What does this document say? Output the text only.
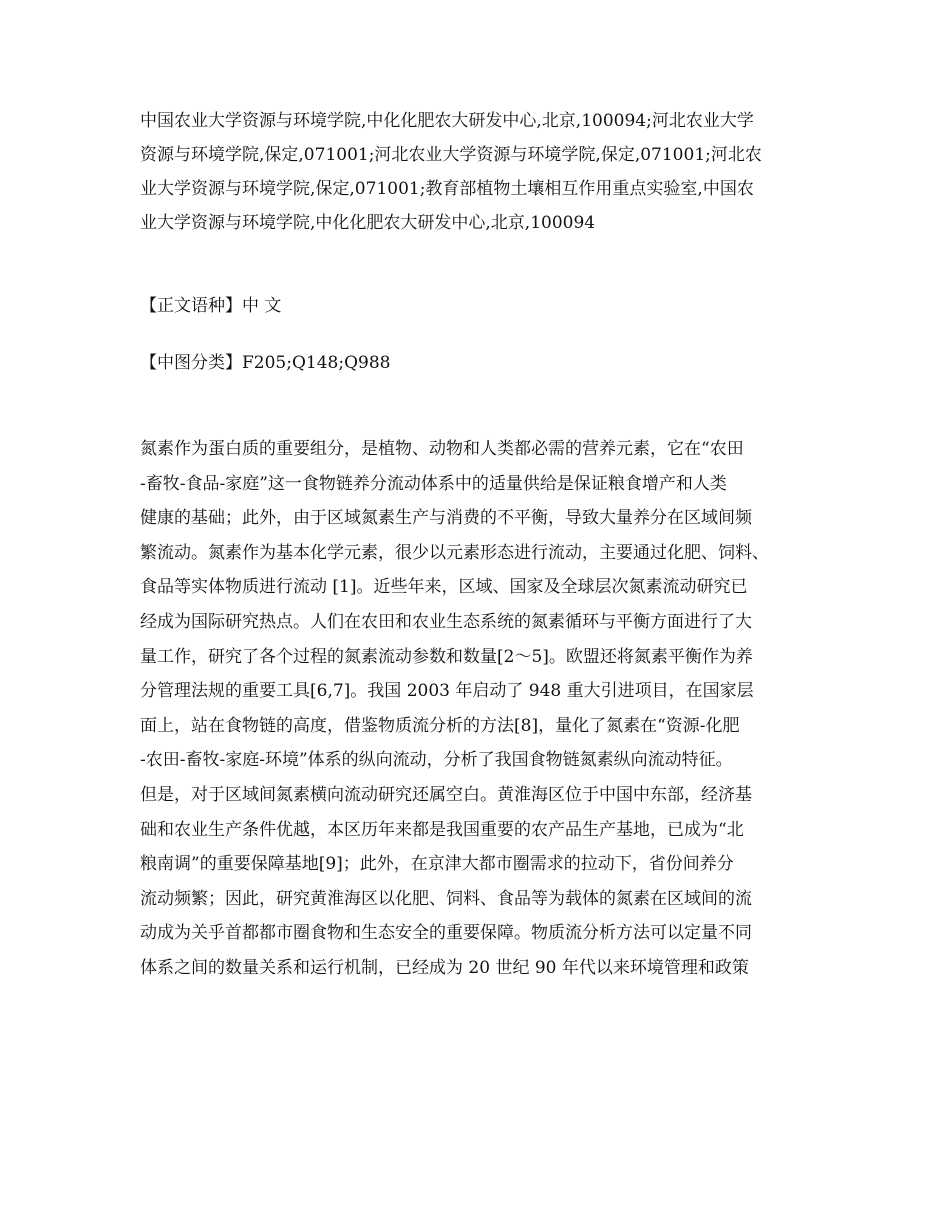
中国农业大学资源与环境学院,中化化肥农大研发中心,北京,100094;河北农业大学
资源与环境学院,保定,071001;河北农业大学资源与环境学院,保定,071001;河北农
业大学资源与环境学院,保定,071001;教育部植物土壤相互作用重点实验室,中国农
业大学资源与环境学院,中化化肥农大研发中心,北京,100094
【正文语种】中 文
【中图分类】F205;Q148;Q988
氮素作为蛋白质的重要组分，是植物、动物和人类都必需的营养元素，它在“农田
-畜牧-食品-家庭”这一食物链养分流动体系中的适量供给是保证粮食增产和人类
健康的基础；此外，由于区域氮素生产与消费的不平衡，导致大量养分在区域间频
繁流动。氮素作为基本化学元素，很少以元素形态进行流动，主要通过化肥、饲料、
食品等实体物质进行流动 [1]。近些年来，区域、国家及全球层次氮素流动研究已
经成为国际研究热点。人们在农田和农业生态系统的氮素循环与平衡方面进行了大
量工作，研究了各个过程的氮素流动参数和数量[2～5]。欧盟还将氮素平衡作为养
分管理法规的重要工具[6,7]。我国 2003 年启动了 948 重大引进项目，在国家层
面上，站在食物链的高度，借鉴物质流分析的方法[8]，量化了氮素在“资源-化肥
-农田-畜牧-家庭-环境”体系的纵向流动，分析了我国食物链氮素纵向流动特征。
但是，对于区域间氮素横向流动研究还属空白。黄淮海区位于中国中东部，经济基
础和农业生产条件优越，本区历年来都是我国重要的农产品生产基地，已成为“北
粮南调”的重要保障基地[9]；此外，在京津大都市圈需求的拉动下，省份间养分
流动频繁；因此，研究黄淮海区以化肥、饲料、食品等为载体的氮素在区域间的流
动成为关乎首都都市圈食物和生态安全的重要保障。物质流分析方法可以定量不同
体系之间的数量关系和运行机制，已经成为 20 世纪 90 年代以来环境管理和政策
